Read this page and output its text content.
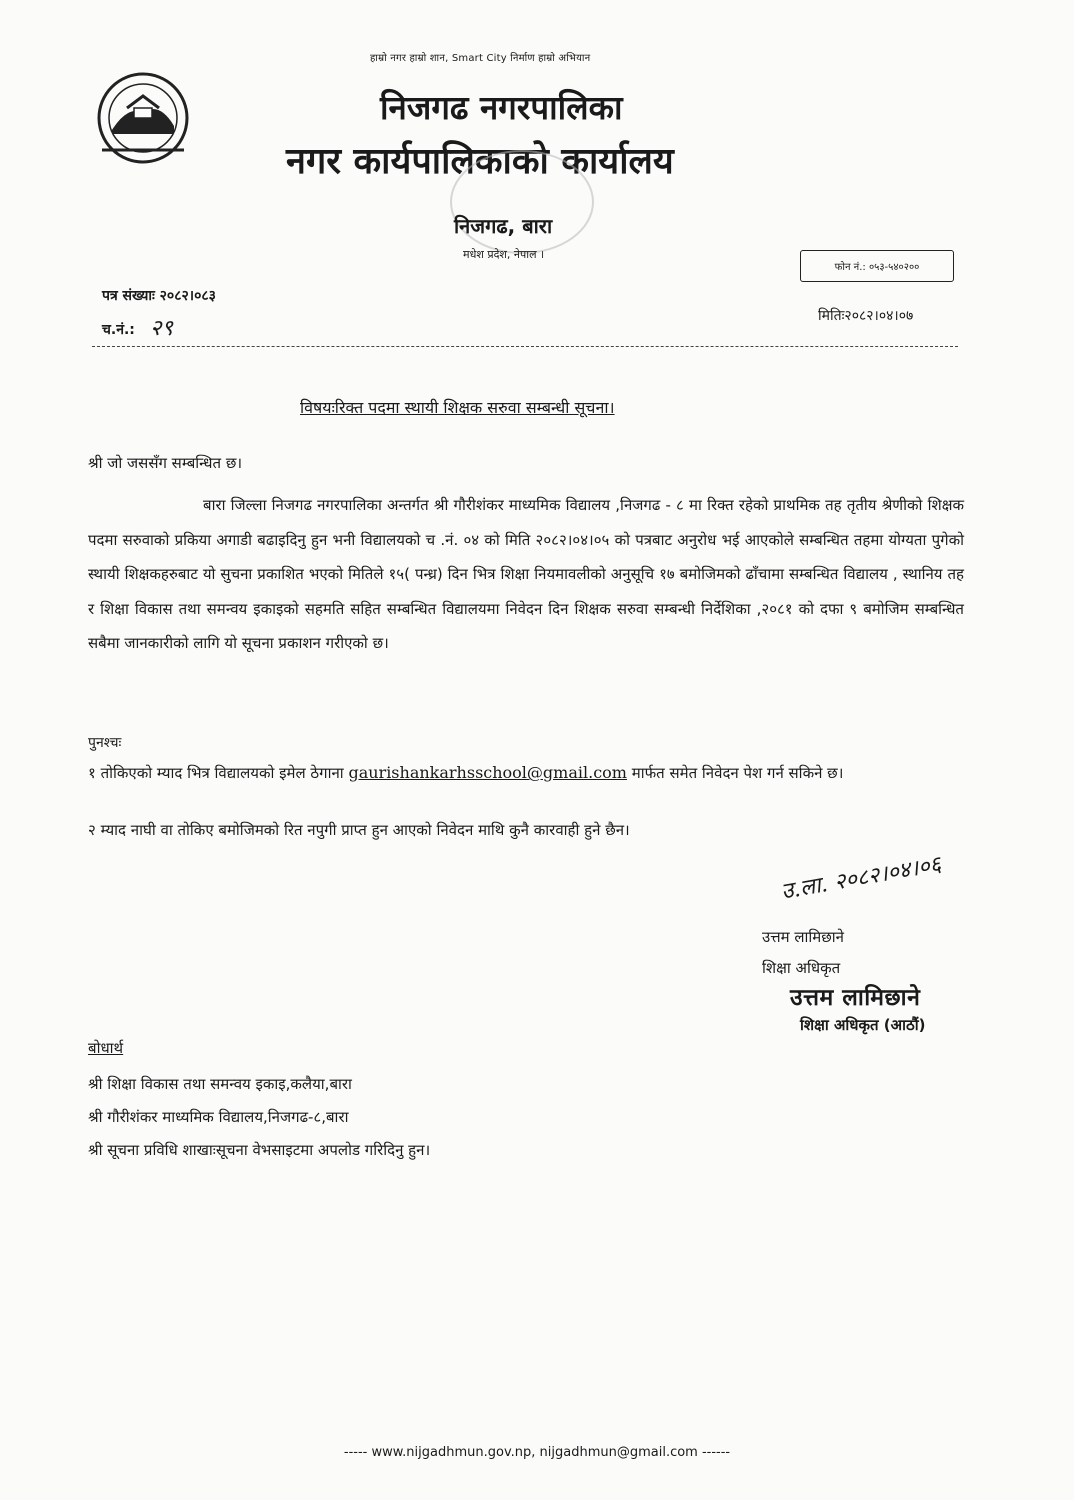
हाम्रो नगर हाम्रो शान, Smart City निर्माण हाम्रो अभियान
निजगढ नगरपालिका
नगर कार्यपालिकाको कार्यालय
निजगढ, बारा
मधेश प्रदेश, नेपाल ।
फोन नं.: ०५३-५४०२००
पत्र संख्याः २०८२।०८३
च.नं.: २९	मितिः२०८२।०४।०७
विषयःरिक्त पदमा स्थायी शिक्षक सरुवा सम्बन्धी सूचना।
श्री जो जससँग सम्बन्धित छ।

बारा जिल्ला निजगढ नगरपालिका अन्तर्गत श्री गौरीशंकर माध्यमिक विद्यालय ,निजगढ - ८ मा रिक्त रहेको प्राथमिक तह तृतीय श्रेणीको शिक्षक पदमा सरुवाको प्रकिया अगाडी बढाइदिनु हुन भनी विद्यालयको च .नं. ०४ को मिति २०८२।०४।०५ को पत्रबाट अनुरोध भई आएकोले सम्बन्धित तहमा योग्यता पुगेको स्थायी शिक्षकहरुबाट यो सुचना प्रकाशित भएको मितिले १५( पन्ध्र) दिन भित्र शिक्षा नियमावलीको अनुसूचि १७ बमोजिमको ढाँचामा सम्बन्धित विद्यालय , स्थानिय तह र शिक्षा विकास तथा समन्वय इकाइको सहमति सहित सम्बन्धित विद्यालयमा निवेदन दिन शिक्षक सरुवा सम्बन्धी निर्देशिका ,२०८१ को दफा ९ बमोजिम सम्बन्धित सबैमा जानकारीको लागि यो सूचना प्रकाशन गरीएको छ।

पुनश्चः

१ तोकिएको म्याद भित्र विद्यालयको इमेल ठेगाना gaurishankarhsschool@gmail.com मार्फत समेत निवेदन पेश गर्न सकिने छ।

२ म्याद नाघी वा तोकिए बमोजिमको रित नपुगी प्राप्त हुन आएको निवेदन माथि कुनै कारवाही हुने छैन।

उ.ला. २०८२।०४।०६
उत्तम लामिछाने
शिक्षा अधिकृत
उत्तम लामिछाने
शिक्षा अधिकृत (आठौं)
बोधार्थ
श्री शिक्षा विकास तथा समन्वय इकाइ,कलैया,बारा
श्री गौरीशंकर माध्यमिक विद्यालय,निजगढ-८,बारा
श्री सूचना प्रविधि शाखाःसूचना वेभसाइटमा अपलोड गरिदिनु हुन।
----- www.nijgadhmun.gov.np, nijgadhmun@gmail.com ------
